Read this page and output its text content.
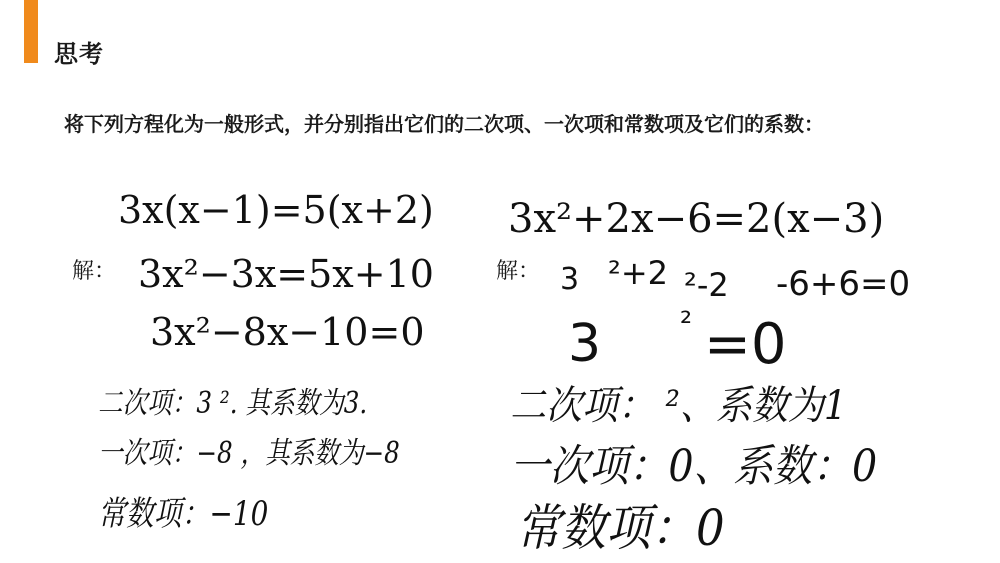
思考
将下列方程化为一般形式，并分别指出它们的二次项、一次项和常数项及它们的系数：
3x(x−1)=5(x+2)
解： 3x²−3x=5x+10
3x²−8x−10=0
二次项：3 ². 其系数为3.
一次项：−8 ，其系数为−8
常数项：−10
3x²+2x−6=2(x−3)
解： 3 ²+2 ²-2 -6+6=0
3	² =0
二次项： ²、系数为1
一次项：0、系数：0
常数项：0
